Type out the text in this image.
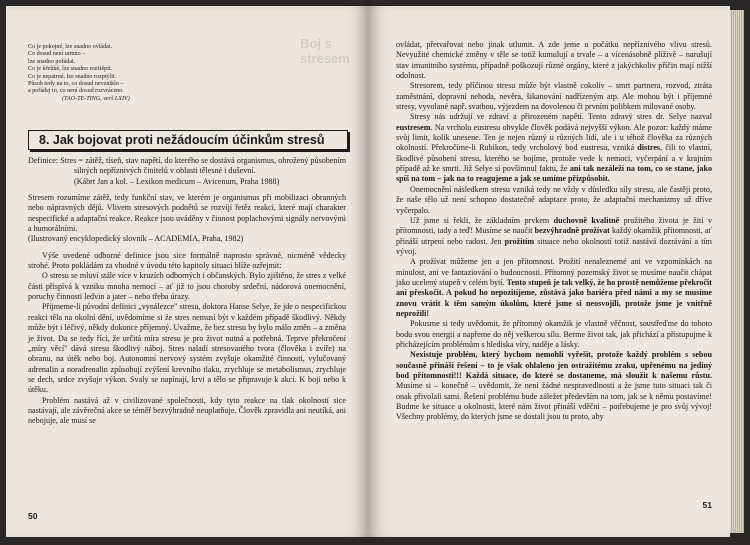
Co je pokojné, lze snadno ovládat.
Co dosud není urmno –
lze snadno pořádat.
Co je křehké, lze snadno rozštěpit.
Co je nepatrné, lze snadno rozptýlit.
Působ tedy na to, co dosud nevzniklo –
a pořádej to, co není dosud rozvráceno.
(TAO-TE-TING, verš LXIV)
8. Jak bojovat proti nežádoucím účinkům stresů

Definice: Stres = zátěž, tíseň, stav napětí, do kterého se dostává organismus, ohrožený působením silných nepříznivých činitelů v oblasti tělesné i duševní.

(Kábrt Jan a kol. – Lexikon medicum – Avicenum, Praha 1988)

Stresem rozumíme zátěž, tedy funkční stav, ve kterém je organismus při mobilizaci obranných nebo nápravných dějů. Vlivem stresových podnětů se rozvíjí řetěz reakcí, které mají charakter nespecifické a adaptační reakce. Reakce jsou uváděny v činnost poplachovými signály nervovými a humorálními.

(Ilustrovaný encyklopedický slovník – ACADEMIA, Praha, 1982)

Výše uvedené odborné definice jsou sice formálně naprosto správné, nicméně vědecky strohé. Proto pokládám za vhodné v úvodu této kapitoly situaci blíže ozřejmit:

O stresu se mluví stále více v kruzích odborných i občanských. Bylo zjištěno, že stres z velké části přispívá k vzniku mnoha nemocí – ať již to jsou choroby srdeční, nádorová onemocnění, poruchy činnosti ledvin a jater – nebo třeba úrazy.

Přijmeme-li původní definici „vynálezce" stresu, doktora Hanse Selye, že jde o nespecifickou reakci těla na okolní dění, uvědomíme si že stres nemusí být v každém případě škodlivý. Někdy může být i léčivý, někdy dokonce příjemný. Uvažme, že bez stresu by bylo málo změn – a změna je život. Da se tedy říci, že určitá míra stresu je pro život nutná a potřebná. Teprve překročení „míry věcí" dává stresu škodlivý náboj. Stres naladí stresovaného tvora (člověka i zvíře) na obranu, na útěk nebo boj. Autonomní nervový systém zvyšuje okamžité činnosti, vylučovaný adrenalin a noradrenalin způsobují zvýšení krevního tlaku, zrychluje se metabolismus, zrychluje se dech, srdce zvyšuje výkon. Svaly se napínají, krvi a tělo se připravuje k akci. K boji nebo k útěku.

Problém nastává až v civilizované společnosti, kdy tyto reakce na tlak okolností sice nastávají, ale závěrečná akce se téměř bezvýhradně neuplatňuje. Člověk zpravidla ani neutíká, ani nebojuje, ale musí se

50

ovládat, přetvařovat nebo jinak utlumit. A zde jeme u počátku nepříznivého vlivu stresů. Nevyužité chemické změny v těle se totiž kumulují a trvale – a vícenásobně plíživě – narušují stav imunitního systému, případně poškozují různé orgány, které z jakýchkoliv příčin mají nižší odolnost.

Stresorem, tedy příčinou stresu může být vlastně cokoliv – smrt partnera, rozvod, ztráta zaměstnání, dopravní nehoda, nevěra, šikanování nadřízeným atp. Ale mohou být i příjemné stresy, vyvolané např. svatbou, výjezdem na dovolenou či prvním polibkem milované osoby.

Stresy nás udržují ve zdraví a přirozeném napětí. Tento zdravý stres dr. Selye nazval eustresem. Na vrcholu eustresu obvykle člověk podává nejvyšší výkon. Ale pozor: každý máme svůj limit, kolik unesene. Ten je nejen různý u různých lidí, ale i u téhož člověka za různých okolností. Překročíme-li Rubikon, tedy vrcholový bod eustresu, vzniká distres, čili to vlastní, škodlivé působení stresu, kterého se bojíme, protože vede k nemoci, vyčerpání a v krajním případě až ke smrti. Již Selye si povšimnul faktu, že ani tak nezáleží na tom, co se stane, jako spíš na tom – jak na to reagujeme a jak se umíme přizpůsobit.

Onemocnění následkem stresu vzniká tedy ne vždy v důsledku síly stresu, ale častěji proto, že naše tělo už není schopno dostatečně adaptace proto, že adaptační mechanizmy už dříve vyčerpalo.

Už jsme si řekli, že základním prvkem duchovně kvalitně prožitého života je žití v přítomnosti, tady a teď! Musíme se naučit bezvýhradně prožívat každý okamžik přítomnosti, ať přináší utrpení nebo radost. Jen prožitím situace nebo okolností totiž nastává dozrávání a tím vývoj.

A prožívat můžeme jen a jen přítomnost. Prožití nenaleznemé ani ve vzpomínkách na minulost, ani ve fantaziování o budoucnosti. Přítomný pozemský život se musíme naučit chápat jako ucelený stupeň v celém bytí. Tento stupeň je tak velký, že ho prostě nemůžeme překročit ani přeskočit. A pokud ho nepozitíjeme, zůstává jako bariéra před námi a my se musíme znovu vrátit k těm samým úkolům, které jsme si neosvojili, protože jsme je vnitřně neprožili!

Pokusme si tedy uvědomit, že přítomný okamžik je vlastně věčnost, soustřeďme do tohoto bodu svou energii a napřeme do něj veškerou sílu. Berme život tak, jak přichází a přistupujme k přicházejícím problémům s hlediska víry, naděje a lásky.

Nexistuje problém, který bychom nemohli vyřešit, protože každý problém s sebou současně přináší řešení – to je však ohlaleno jen ostražitému zraku, upřenému na jediný bod přítomnosti!!! Každá situace, do které se dostaneme, má sloužit k našemu růstu. Musíme si – konečně – uvědomit, že není žádné nespravedlnosti a že jsme tuto situaci tak či onak přivolali sami. Řešení problému bude záležet především na tom, jak se k němu postavíme! Budme ke situace a okolnosti, které nám život přináší vděčni – potřebujeme je pro svůj vývoj! Všechny problémy, do kterých jsme se dostali jsou tu proto, aby

51
Boj s stresem
